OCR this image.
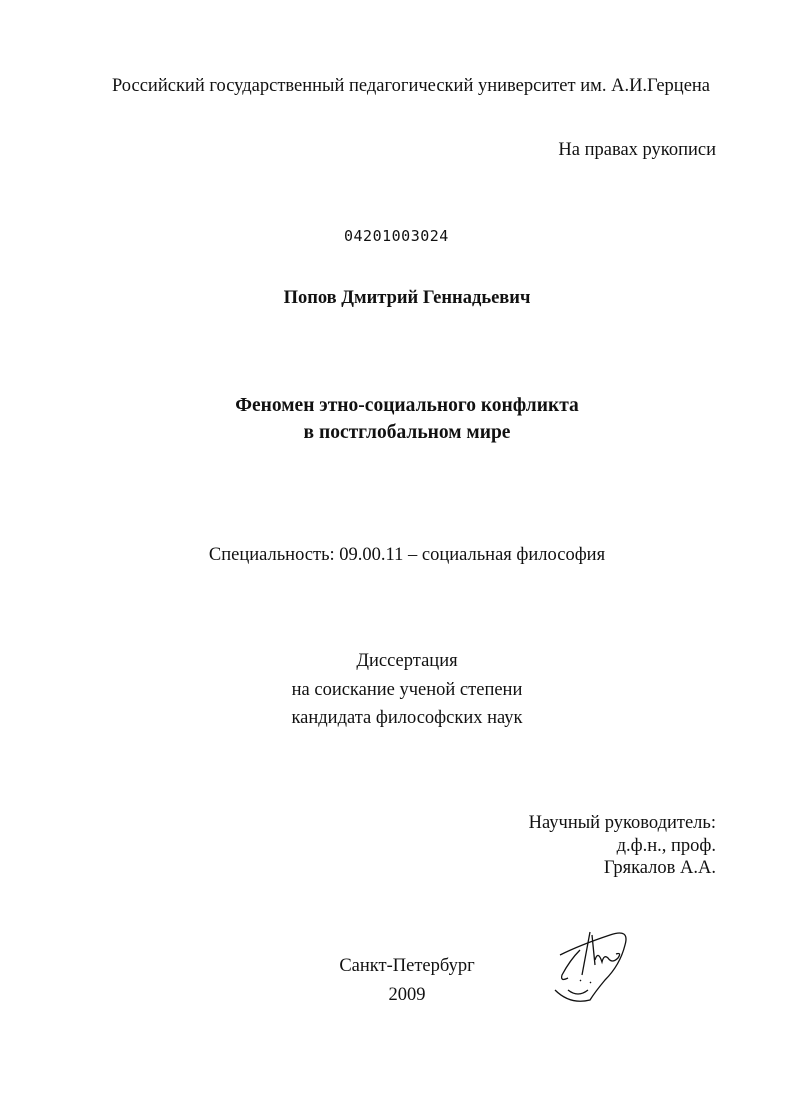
Российский государственный педагогический университет им. А.И.Герцена
На правах рукописи
04201003024
Попов Дмитрий Геннадьевич
Феномен этно-социального конфликта
в постглобальном мире
Специальность: 09.00.11 – социальная философия
Диссертация
на соискание ученой степени
кандидата философских наук
Научный руководитель:
д.ф.н., проф.
Грякалов А.А.
Санкт-Петербург
2009
